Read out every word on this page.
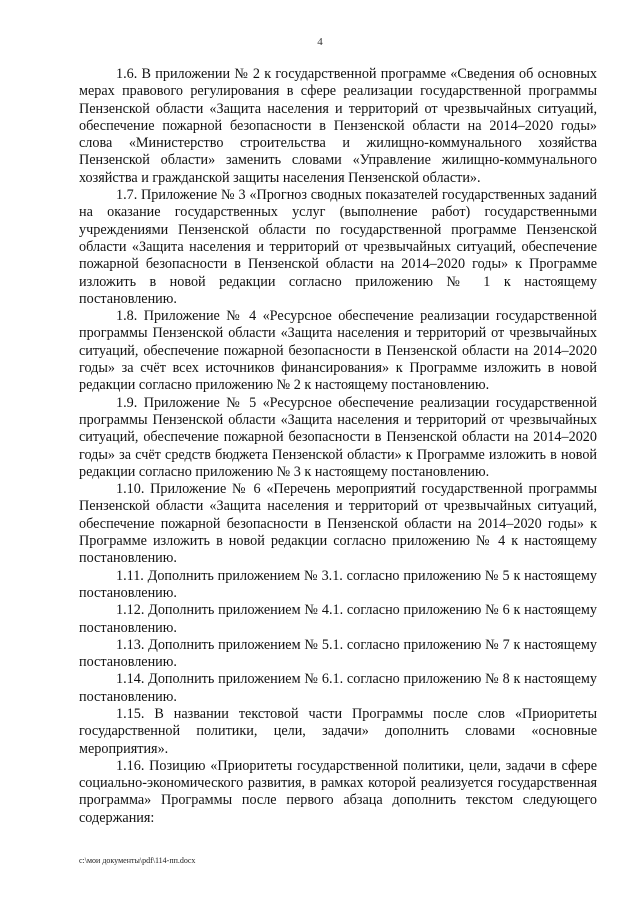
4

1.6. В приложении № 2 к государственной программе «Сведения об основных мерах правового регулирования в сфере реализации государственной программы Пензенской области «Защита населения и территорий от чрезвычайных ситуаций, обеспечение пожарной безопасности в Пензенской области на 2014–2020 годы» слова «Министерство строительства и жилищно-коммунального хозяйства Пензенской области» заменить словами «Управление жилищно-коммунального хозяйства и гражданской защиты населения Пензенской области».

1.7. Приложение № 3 «Прогноз сводных показателей государственных заданий на оказание государственных услуг (выполнение работ) государственными учреждениями Пензенской области по государственной программе Пензенской области «Защита населения и территорий от чрезвычайных ситуаций, обеспечение пожарной безопасности в Пензенской области на 2014–2020 годы» к Программе изложить в новой редакции согласно приложению № 1 к настоящему постановлению.

1.8. Приложение № 4 «Ресурсное обеспечение реализации государственной программы Пензенской области «Защита населения и территорий от чрезвычайных ситуаций, обеспечение пожарной безопасности в Пензенской области на 2014–2020 годы» за счёт всех источников финансирования» к Программе изложить в новой редакции согласно приложению № 2 к настоящему постановлению.

1.9. Приложение № 5 «Ресурсное обеспечение реализации государственной программы Пензенской области «Защита населения и территорий от чрезвычайных ситуаций, обеспечение пожарной безопасности в Пензенской области на 2014–2020 годы» за счёт средств бюджета Пензенской области» к Программе изложить в новой редакции согласно приложению № 3 к настоящему постановлению.

1.10. Приложение № 6 «Перечень мероприятий государственной программы Пензенской области «Защита населения и территорий от чрезвычайных ситуаций, обеспечение пожарной безопасности в Пензенской области на 2014–2020 годы» к Программе изложить в новой редакции согласно приложению № 4 к настоящему постановлению.

1.11. Дополнить приложением № 3.1. согласно приложению № 5 к настоящему постановлению.

1.12. Дополнить приложением № 4.1. согласно приложению № 6 к настоящему постановлению.

1.13. Дополнить приложением № 5.1. согласно приложению № 7 к настоящему постановлению.

1.14. Дополнить приложением № 6.1. согласно приложению № 8 к настоящему постановлению.

1.15. В названии текстовой части Программы после слов «Приоритеты государственной политики, цели, задачи» дополнить словами «основные мероприятия».

1.16. Позицию «Приоритеты государственной политики, цели, задачи в сфере социально-экономического развития, в рамках которой реализуется государственная программа» Программы после первого абзаца дополнить текстом следующего содержания:

c:\мои документы\pdf\114-пп.docx
